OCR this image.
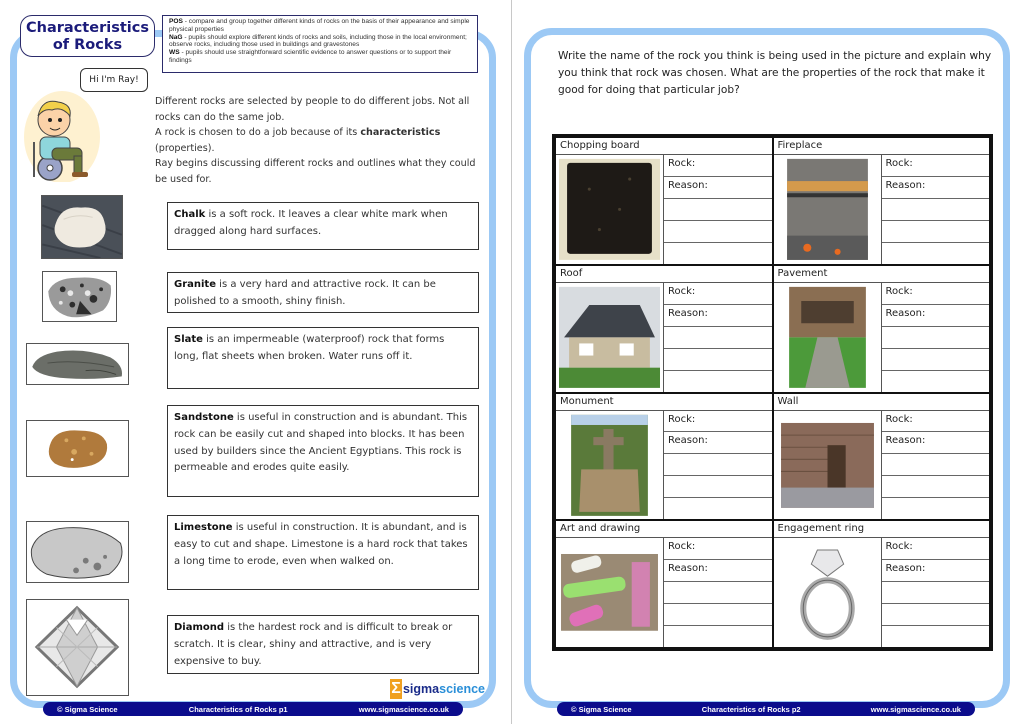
Characteristics
of Rocks
POS - compare and group together different kinds of rocks on the basis of their appearance and simple physical properties
NaG - pupils should explore different kinds of rocks and soils, including those in the local environment; observe rocks, including those used in buildings and gravestones
WS - pupils should use straightforward scientific evidence to answer questions or to support their findings
Hi I'm Ray!
Different rocks are selected by people to do different jobs. Not all rocks can do the same job.
A rock is chosen to do a job because of its characteristics (properties).
Ray begins discussing different rocks and outlines what they could be used for.
Chalk is a soft rock. It leaves a clear white mark when dragged along hard surfaces.
Granite is a very hard and attractive rock. It can be polished to a smooth, shiny finish.
Slate is an impermeable (waterproof) rock that forms long, flat sheets when broken. Water runs off it.
Sandstone is useful in construction and is abundant. This rock can be easily cut and shaped into blocks. It has been used by builders since the Ancient Egyptians. This rock is permeable and erodes quite easily.
Limestone is useful in construction. It is abundant, and is easy to cut and shape. Limestone is a hard rock that takes a long time to erode, even when walked on.
Diamond is the hardest rock and is difficult to break or scratch. It is clear, shiny and attractive, and is very expensive to buy.
Σ sigmascience
© Sigma Science	Characteristics of Rocks p1	www.sigmascience.co.uk	© Sigma Science	Characteristics of Rocks p2	www.sigmascience.co.uk
Write the name of the rock you think is being used in the picture and explain why you think that rock was chosen. What are the properties of the rock that make it good for doing that particular job?
Chopping board
Rock:
Reason:
Fireplace
Rock:
Reason:
Roof
Rock:
Reason:
Pavement
Rock:
Reason:
Monument
Rock:
Reason:
Wall
Rock:
Reason:
Art and drawing
Rock:
Reason:
Engagement ring
Rock:
Reason:
